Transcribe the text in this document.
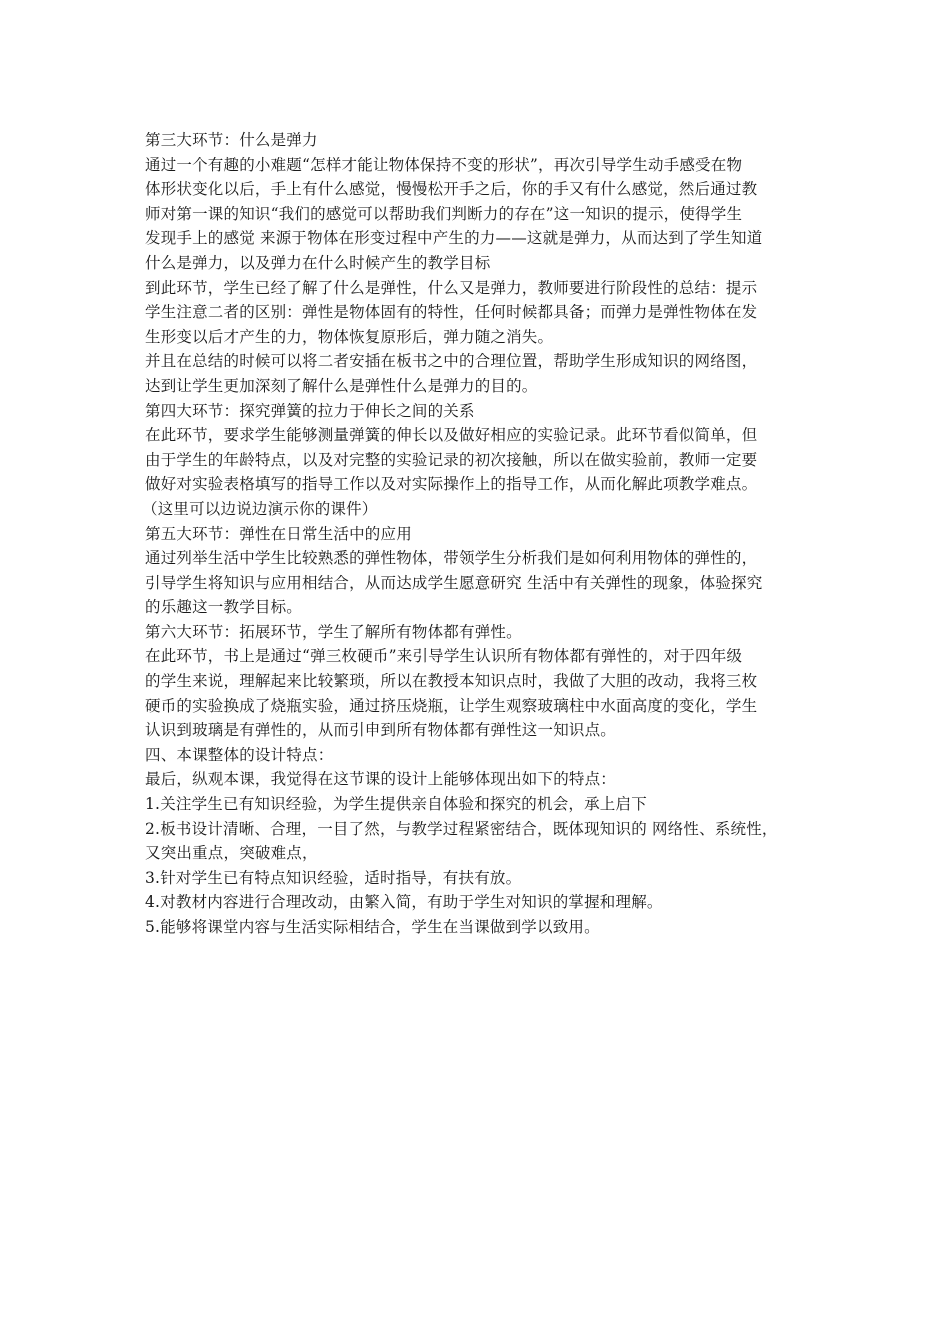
第三大环节：什么是弹力

通过一个有趣的小难题“怎样才能让物体保持不变的形状”，再次引导学生动手感受在物

体形状变化以后，手上有什么感觉，慢慢松开手之后，你的手又有什么感觉，然后通过教

师对第一课的知识“我们的感觉可以帮助我们判断力的存在”这一知识的提示，使得学生

发现手上的感觉 来源于物体在形变过程中产生的力——这就是弹力，从而达到了学生知道

什么是弹力，以及弹力在什么时候产生的教学目标

到此环节，学生已经了解了什么是弹性，什么又是弹力，教师要进行阶段性的总结：提示

学生注意二者的区别：弹性是物体固有的特性，任何时候都具备；而弹力是弹性物体在发

生形变以后才产生的力，物体恢复原形后，弹力随之消失。

并且在总结的时候可以将二者安插在板书之中的合理位置，帮助学生形成知识的网络图，

达到让学生更加深刻了解什么是弹性什么是弹力的目的。

第四大环节：探究弹簧的拉力于伸长之间的关系

在此环节，要求学生能够测量弹簧的伸长以及做好相应的实验记录。此环节看似简单，但

由于学生的年龄特点，以及对完整的实验记录的初次接触，所以在做实验前，教师一定要

做好对实验表格填写的指导工作以及对实际操作上的指导工作，从而化解此项教学难点。

（这里可以边说边演示你的课件）

第五大环节：弹性在日常生活中的应用

通过列举生活中学生比较熟悉的弹性物体，带领学生分析我们是如何利用物体的弹性的，

引导学生将知识与应用相结合，从而达成学生愿意研究 生活中有关弹性的现象，体验探究

的乐趣这一教学目标。

第六大环节：拓展环节，学生了解所有物体都有弹性。

在此环节，书上是通过“弹三枚硬币”来引导学生认识所有物体都有弹性的，对于四年级

的学生来说，理解起来比较繁琐，所以在教授本知识点时，我做了大胆的改动，我将三枚

硬币的实验换成了烧瓶实验，通过挤压烧瓶，让学生观察玻璃柱中水面高度的变化，学生

认识到玻璃是有弹性的，从而引申到所有物体都有弹性这一知识点。

四、本课整体的设计特点：

最后，纵观本课，我觉得在这节课的设计上能够体现出如下的特点：

1.关注学生已有知识经验，为学生提供亲自体验和探究的机会，承上启下

2.板书设计清晰、合理，一目了然，与教学过程紧密结合，既体现知识的 网络性、系统性，

又突出重点，突破难点，

3.针对学生已有特点知识经验，适时指导，有扶有放。

4.对教材内容进行合理改动，由繁入简，有助于学生对知识的掌握和理解。

5.能够将课堂内容与生活实际相结合，学生在当课做到学以致用。
